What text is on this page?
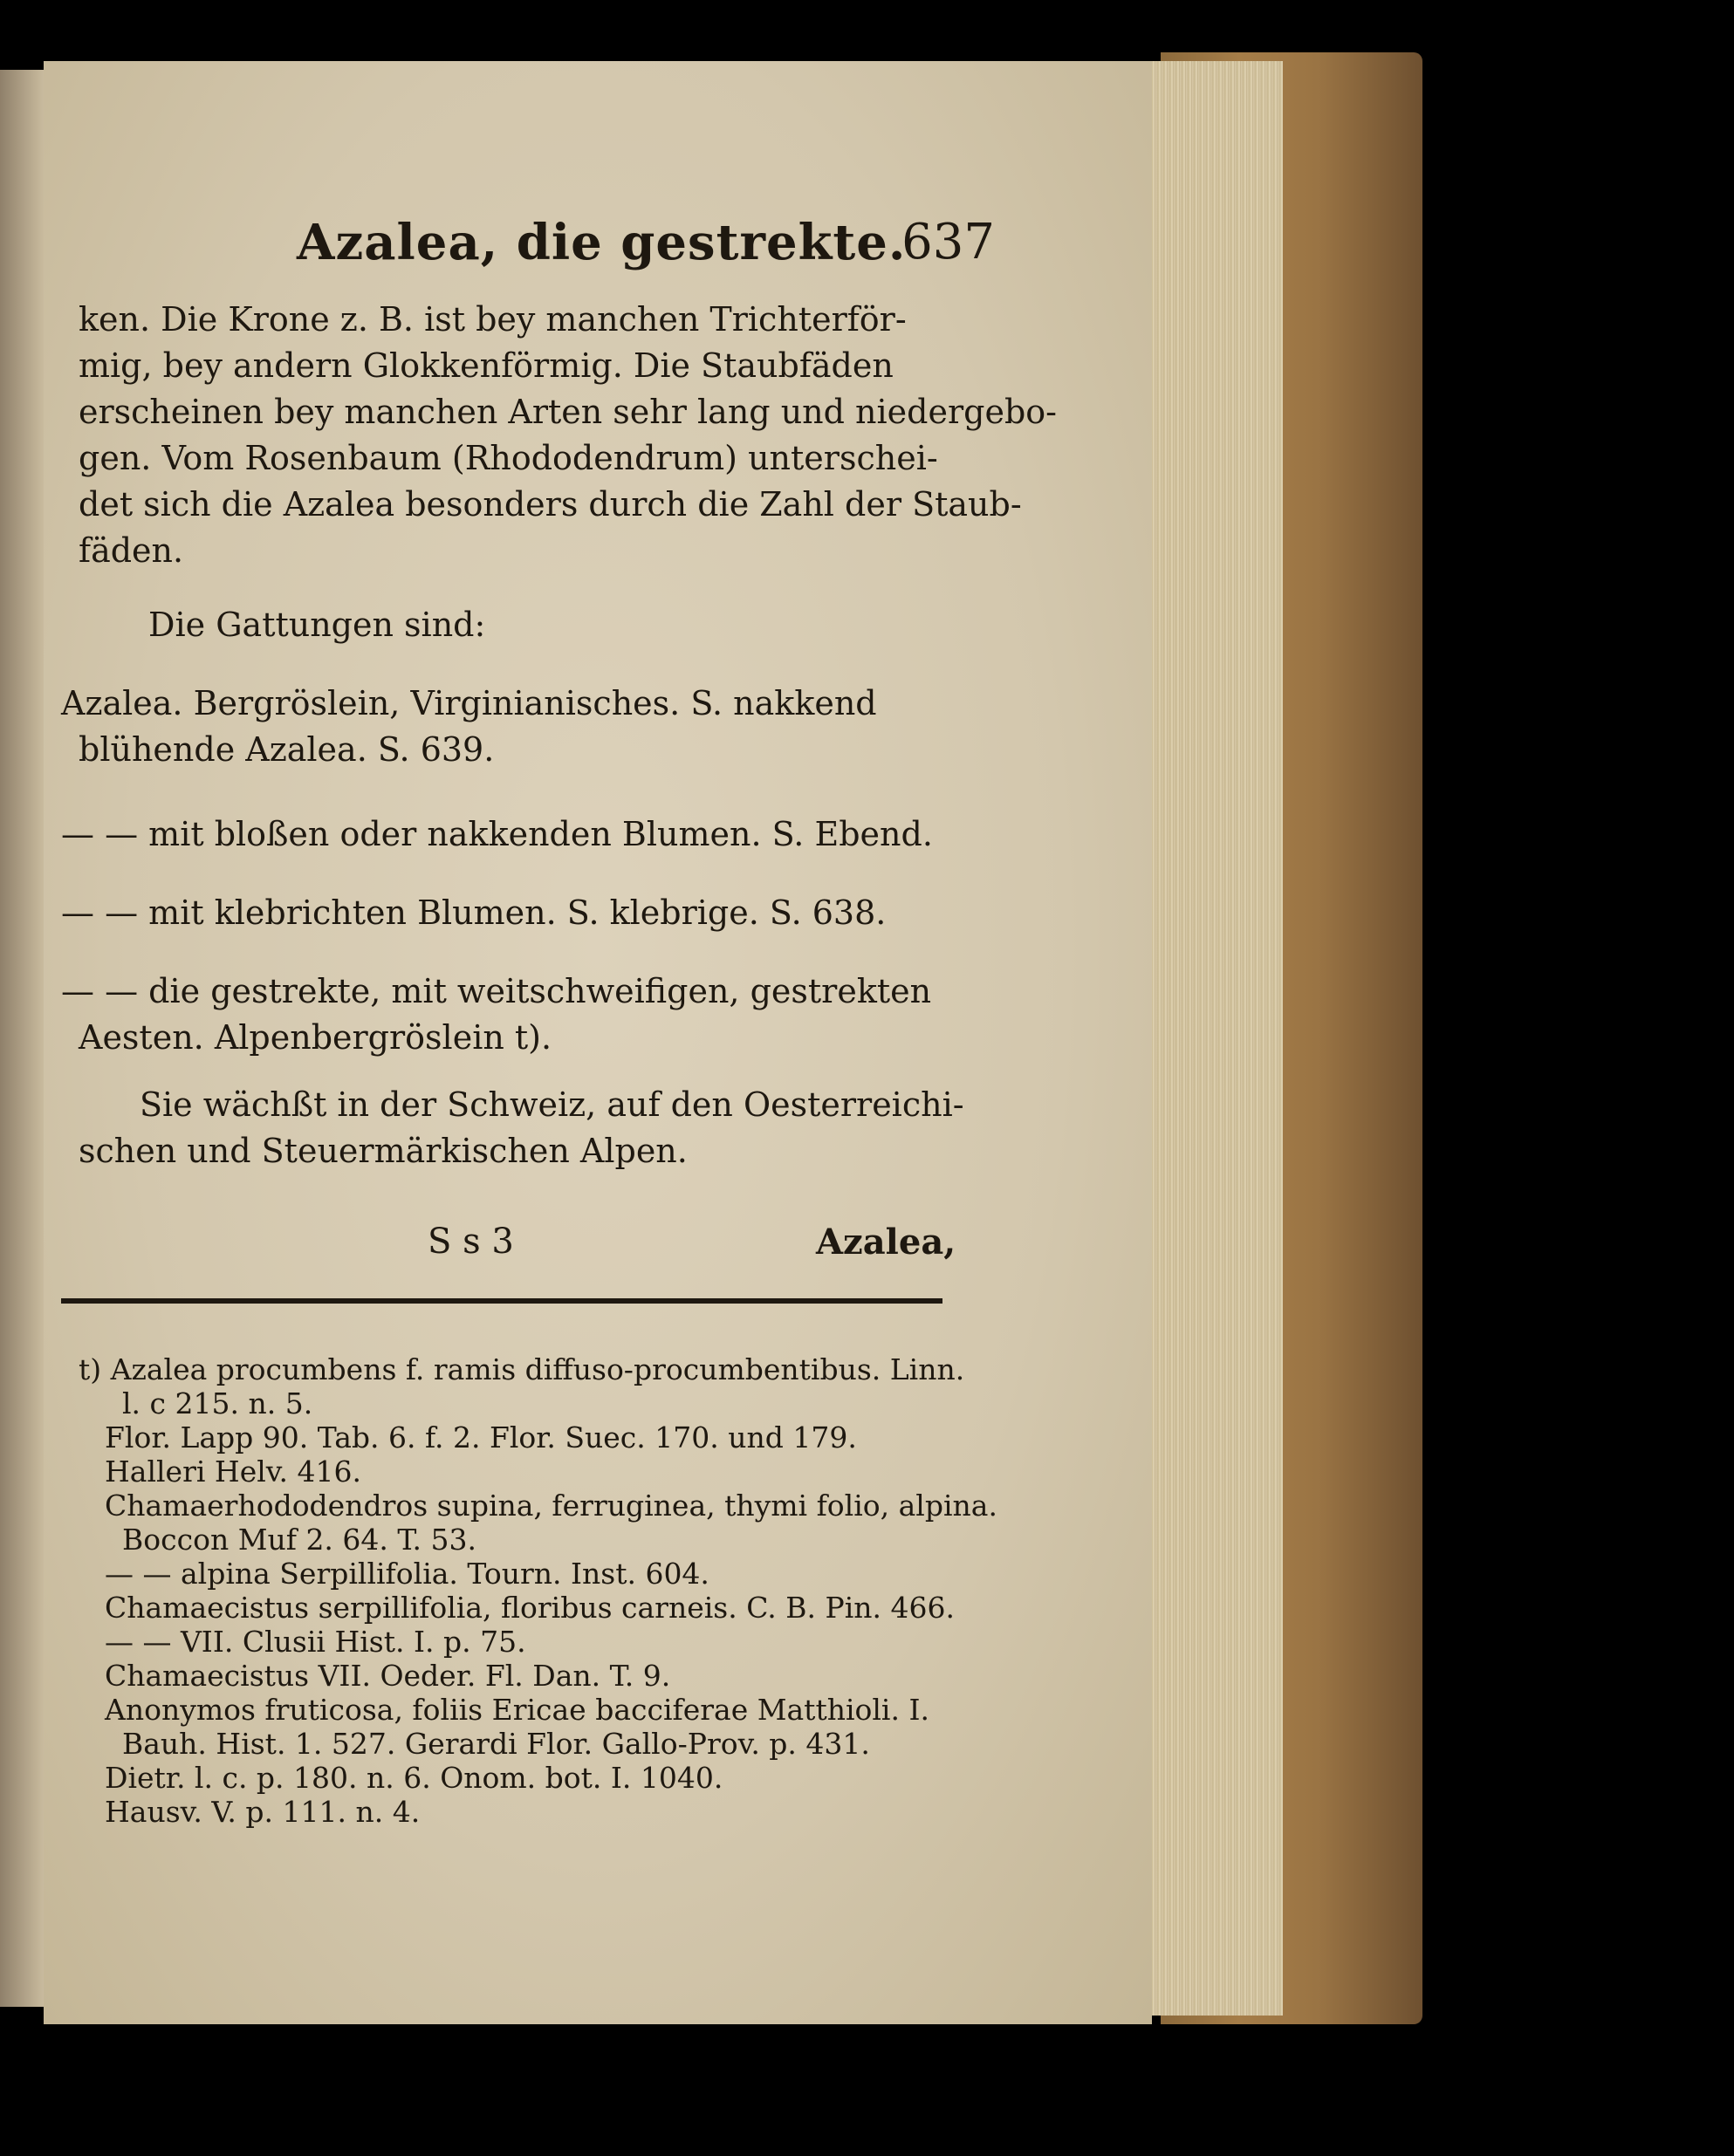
Azalea, die gestrekte.
637
ken. Die Krone z. B. ist bey manchen Trichterför-
mig, bey andern Glokkenförmig. Die Staubfäden
erscheinen bey manchen Arten sehr lang und niedergebo-
gen. Vom Rosenbaum (Rhododendrum) unterschei-
det sich die Azalea besonders durch die Zahl der Staub-
fäden.
Die Gattungen sind:
Azalea. Bergröslein, Virginianisches. S. nakkend
blühende Azalea. S. 639.
— — mit bloßen oder nakkenden Blumen. S. Ebend.
— — mit klebrichten Blumen. S. klebrige. S. 638.
— — die gestrekte, mit weitschweifigen, gestrekten
Aesten. Alpenbergröslein t).
Sie wächßt in der Schweiz, auf den Oesterreichi-
schen und Steuermärkischen Alpen.
S s 3	Azalea,
t) Azalea procumbens f. ramis diffuso-procumbentibus. Linn.
l. c 215. n. 5.
Flor. Lapp 90. Tab. 6. f. 2. Flor. Suec. 170. und 179.
Halleri Helv. 416.
Chamaerhododendros supina, ferruginea, thymi folio, alpina.
Boccon Muf 2. 64. T. 53.
— — alpina Serpillifolia. Tourn. Inst. 604.
Chamaecistus serpillifolia, floribus carneis. C. B. Pin. 466.
— — VII. Clusii Hist. I. p. 75.
Chamaecistus VII. Oeder. Fl. Dan. T. 9.
Anonymos fruticosa, foliis Ericae bacciferae Matthioli. I.
Bauh. Hist. 1. 527. Gerardi Flor. Gallo-Prov. p. 431.
Dietr. l. c. p. 180. n. 6. Onom. bot. I. 1040.
Hausv. V. p. 111. n. 4.
